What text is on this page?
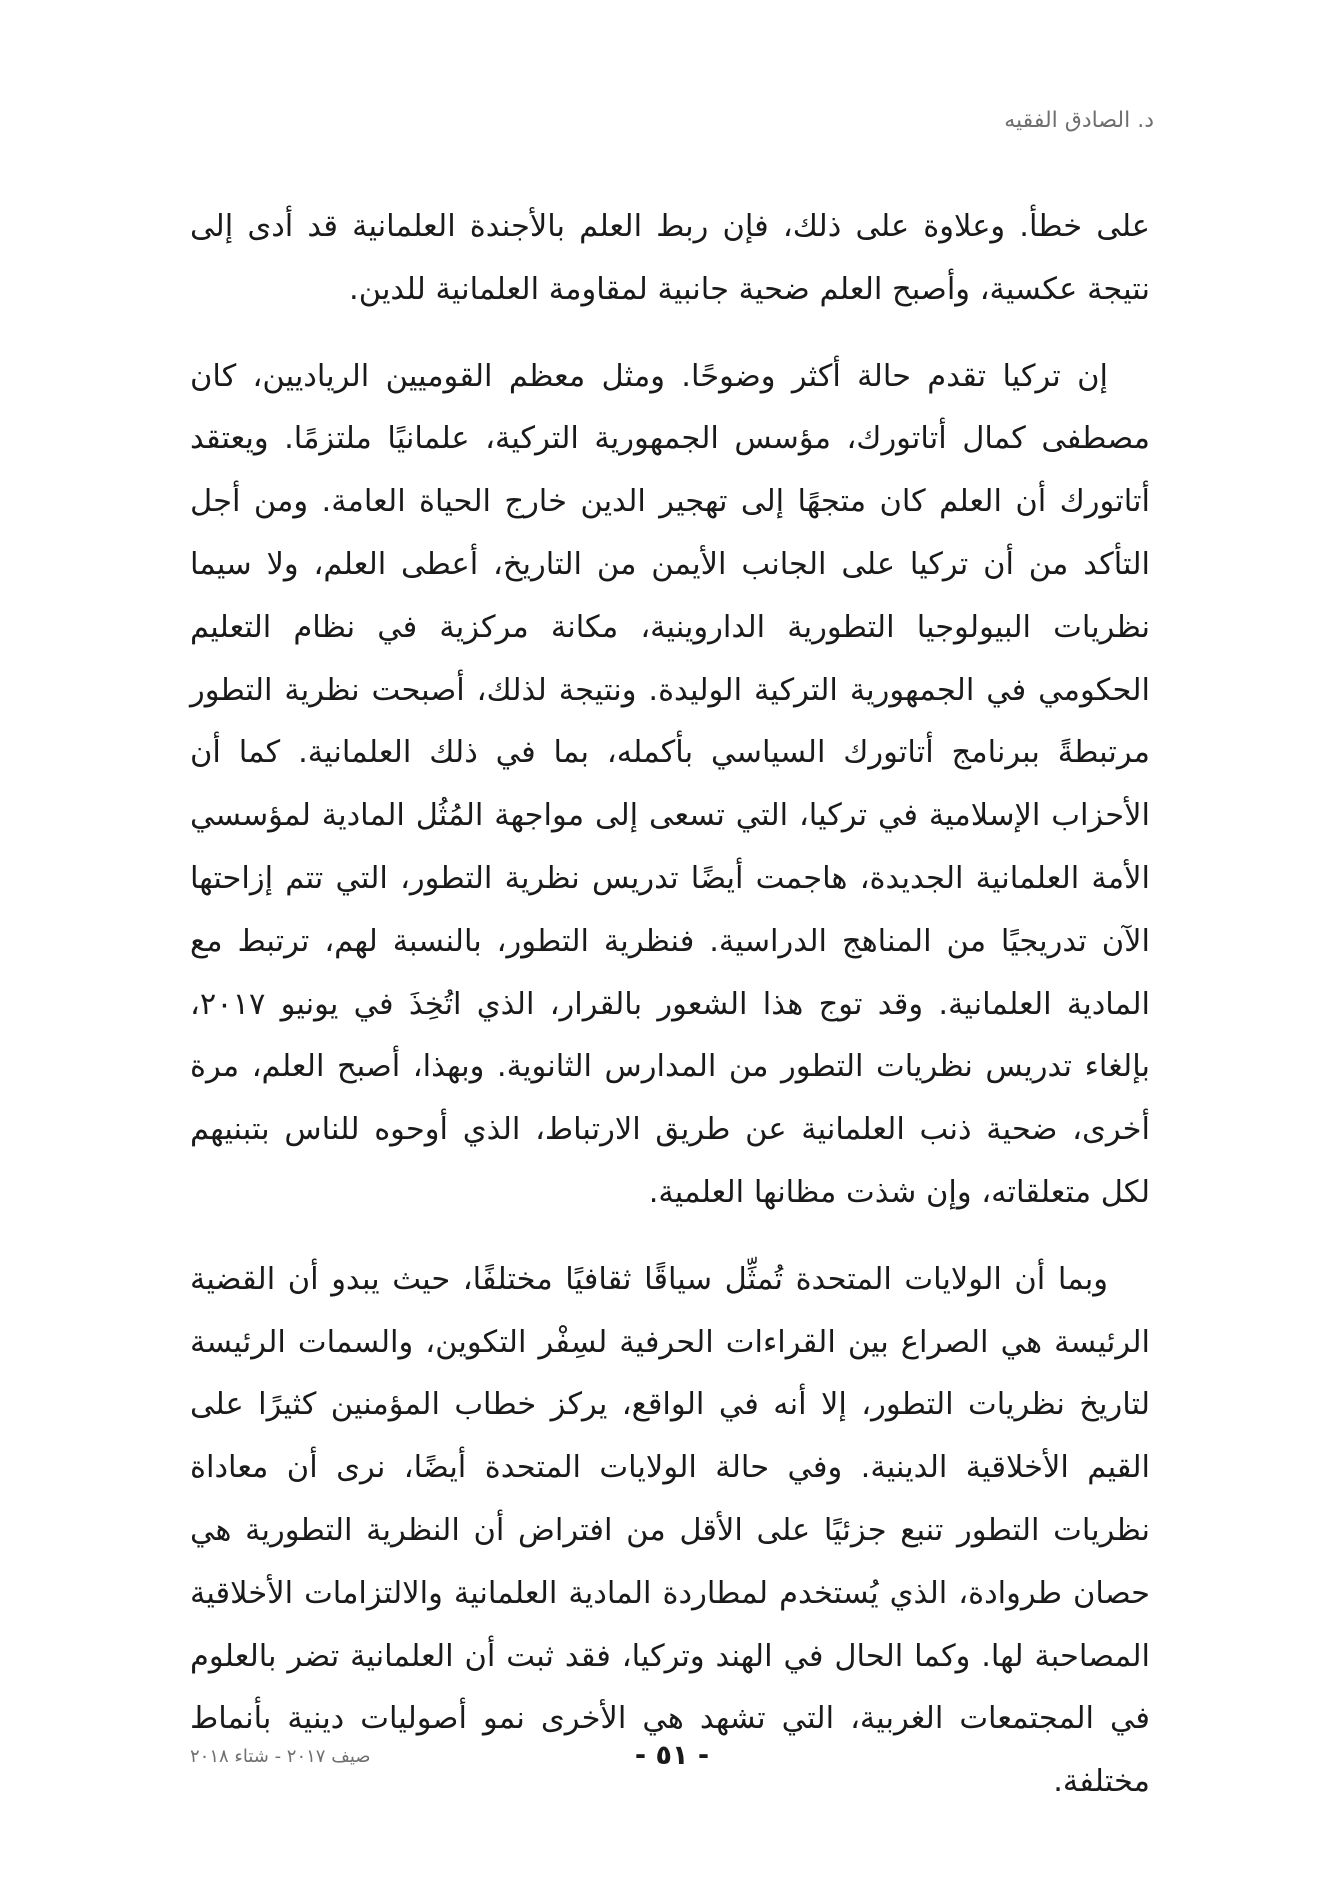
د. الصادق الفقيه

على خطأ. وعلاوة على ذلك، فإن ربط العلم بالأجندة العلمانية قد أدى إلى نتيجة عكسية، وأصبح العلم ضحية جانبية لمقاومة العلمانية للدين.

إن تركيا تقدم حالة أكثر وضوحًا. ومثل معظم القوميين الرياديين، كان مصطفى كمال أتاتورك، مؤسس الجمهورية التركية، علمانيًا ملتزمًا. ويعتقد أتاتورك أن العلم كان متجهًا إلى تهجير الدين خارج الحياة العامة. ومن أجل التأكد من أن تركيا على الجانب الأيمن من التاريخ، أعطى العلم، ولا سيما نظريات البيولوجيا التطورية الداروينية، مكانة مركزية في نظام التعليم الحكومي في الجمهورية التركية الوليدة. ونتيجة لذلك، أصبحت نظرية التطور مرتبطةً ببرنامج أتاتورك السياسي بأكمله، بما في ذلك العلمانية. كما أن الأحزاب الإسلامية في تركيا، التي تسعى إلى مواجهة المُثُل المادية لمؤسسي الأمة العلمانية الجديدة، هاجمت أيضًا تدريس نظرية التطور، التي تتم إزاحتها الآن تدريجيًا من المناهج الدراسية. فنظرية التطور، بالنسبة لهم، ترتبط مع المادية العلمانية. وقد توج هذا الشعور بالقرار، الذي اتُخِذَ في يونيو ٢٠١٧، بإلغاء تدريس نظريات التطور من المدارس الثانوية. وبهذا، أصبح العلم، مرة أخرى، ضحية ذنب العلمانية عن طريق الارتباط، الذي أوحوه للناس بتبنيهم لكل متعلقاته، وإن شذت مظانها العلمية.

وبما أن الولايات المتحدة تُمثِّل سياقًا ثقافيًا مختلفًا، حيث يبدو أن القضية الرئيسة هي الصراع بين القراءات الحرفية لسِفْر التكوين، والسمات الرئيسة لتاريخ نظريات التطور، إلا أنه في الواقع، يركز خطاب المؤمنين كثيرًا على القيم الأخلاقية الدينية. وفي حالة الولايات المتحدة أيضًا، نرى أن معاداة نظريات التطور تنبع جزئيًا على الأقل من افتراض أن النظرية التطورية هي حصان طروادة، الذي يُستخدم لمطاردة المادية العلمانية والالتزامات الأخلاقية المصاحبة لها. وكما الحال في الهند وتركيا، فقد ثبت أن العلمانية تضر بالعلوم في المجتمعات الغربية، التي تشهد هي الأخرى نمو أصوليات دينية بأنماط مختلفة.

صيف ٢٠١٧ - شتاء ٢٠١٨	- ٥١ -
